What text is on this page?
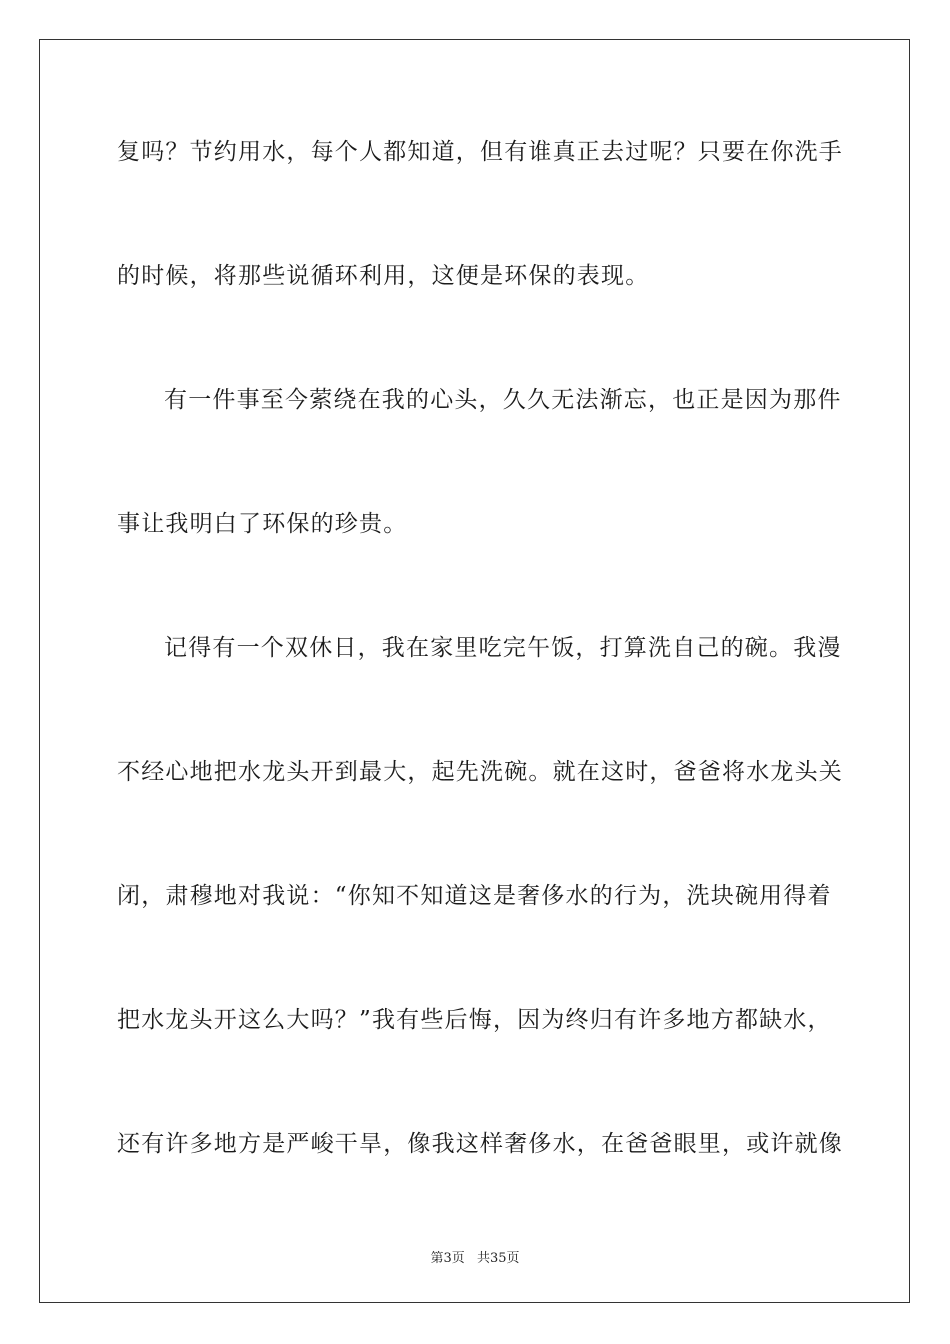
复吗？节约用水，每个人都知道，但有谁真正去过呢？只要在你洗手
的时候，将那些说循环利用，这便是环保的表现。
有一件事至今萦绕在我的心头，久久无法渐忘，也正是因为那件
事让我明白了环保的珍贵。
记得有一个双休日，我在家里吃完午饭，打算洗自己的碗。我漫
不经心地把水龙头开到最大，起先洗碗。就在这时，爸爸将水龙头关
闭，肃穆地对我说：“你知不知道这是奢侈水的行为，洗块碗用得着
把水龙头开这么大吗？”我有些后悔，因为终归有许多地方都缺水，
还有许多地方是严峻干旱，像我这样奢侈水，在爸爸眼里，或许就像
第3页 共35页
